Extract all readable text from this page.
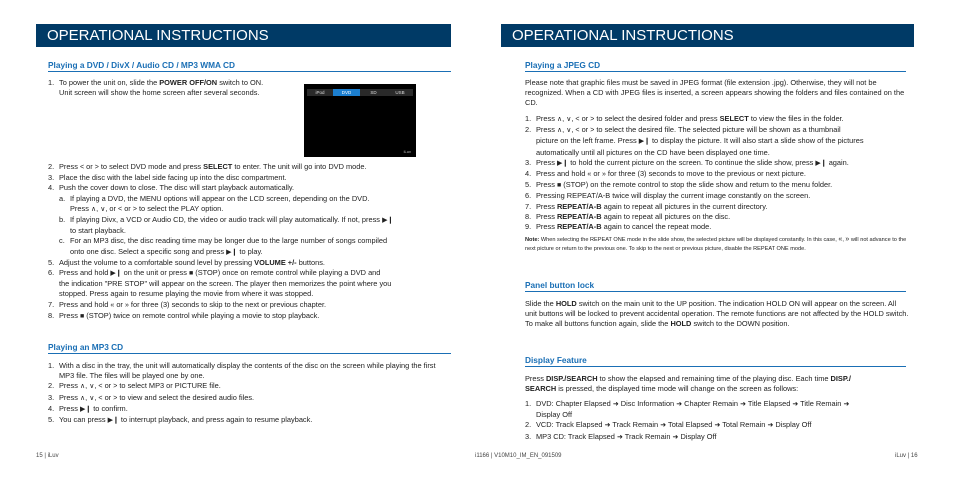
OPERATIONAL INSTRUCTIONS
Playing a DVD / DivX / Audio CD / MP3 WMA CD
1. To power the unit on, slide the POWER OFF/ON switch to ON. Unit screen will show the home screen after several seconds.	iPod	DVD	SD	USB
iLuv
2. Press < or > to select DVD mode and press SELECT to enter. The unit will go into DVD mode.
3. Place the disc with the label side facing up into the disc compartment.
4. Push the cover down to close. The disc will start playback automatically.
a. If playing a DVD, the MENU options will appear on the LCD screen, depending on the DVD.
Press ∧, ∨, or < or > to select the PLAY option.
b. If playing Divx, a VCD or Audio CD, the video or audio track will play automatically. If not, press ▶❙
to start playback.
c. For an MP3 disc, the disc reading time may be longer due to the large number of songs compiled
onto one disc. Select a specific song and press ▶❙ to play.
5. Adjust the volume to a comfortable sound level by pressing VOLUME +/- buttons.
6. Press and hold ▶❙ on the unit or press ■ (STOP) once on remote control while playing a DVD and
the indication "PRE STOP" will appear on the screen. The player then memorizes the point where you
stopped. Press again to resume playing the movie from where it was stopped.
7. Press and hold « or » for three (3) seconds to skip to the next or previous chapter.
8. Press ■ (STOP) twice on remote control while playing a movie to stop playback.
Playing an MP3 CD
1. With a disc in the tray, the unit will automatically display the contents of the disc on the screen while playing the first MP3 file. The files will be played one by one.
2. Press ∧, ∨, < or > to select MP3 or PICTURE file.
3. Press ∧, ∨, < or > to view and select the desired audio files.
4. Press ▶❙ to confirm.
5. You can press ▶❙ to interrupt playback, and press again to resume playback.
15 | iLuv
OPERATIONAL INSTRUCTIONS
Playing a JPEG CD
Please note that graphic files must be saved in JPEG format (file extension .jpg). Otherwise, they will not be recognized. When a CD with JPEG files is inserted, a screen appears showing the folders and files contained on the CD.
1. Press ∧, ∨, < or > to select the desired folder and press SELECT to view the files in the folder.
2. Press ∧, ∨, < or > to select the desired file. The selected picture will be shown as a thumbnail
picture on the left frame. Press ▶❙ to display the picture. It will also start a slide show of the pictures
automatically until all pictures on the CD have been displayed one time.
3. Press ▶❙ to hold the current picture on the screen. To continue the slide show, press ▶❙ again.
4. Press and hold « or » for three (3) seconds to move to the previous or next picture.
5. Press ■ (STOP) on the remote control to stop the slide show and return to the menu folder.
6. Pressing REPEAT/A-B twice will display the current image constantly on the screen.
7. Press REPEAT/A-B again to repeat all pictures in the current directory.
8. Press REPEAT/A-B again to repeat all pictures on the disc.
9. Press REPEAT/A-B again to cancel the repeat mode.
Note: When selecting the REPEAT ONE mode in the slide show, the selected picture will be displayed constantly. In this case, «, » will not advance to the next picture or return to the previous one. To skip to the next or previous picture, disable the REPEAT ONE mode.
Panel button lock
Slide the HOLD switch on the main unit to the UP position. The indication HOLD ON will appear on the screen. All unit buttons will be locked to prevent accidental operation. The remote functions are not affected by the HOLD switch. To make all buttons function again, slide the HOLD switch to the DOWN position.
Display Feature
Press DISP./SEARCH to show the elapsed and remaining time of the playing disc. Each time DISP./
SEARCH is pressed, the displayed time mode will change on the screen as follows:
1. DVD: Chapter Elapsed ➜ Disc Information ➜ Chapter Remain ➜ Title Elapsed ➜ Title Remain ➜
Display Off
2. VCD: Track Elapsed ➜ Track Remain ➜ Total Elapsed ➜ Total Remain ➜ Display Off
3. MP3 CD: Track Elapsed ➜ Track Remain ➜ Display Off
i1166 | V10M10_IM_EN_091509	iLuv | 16
